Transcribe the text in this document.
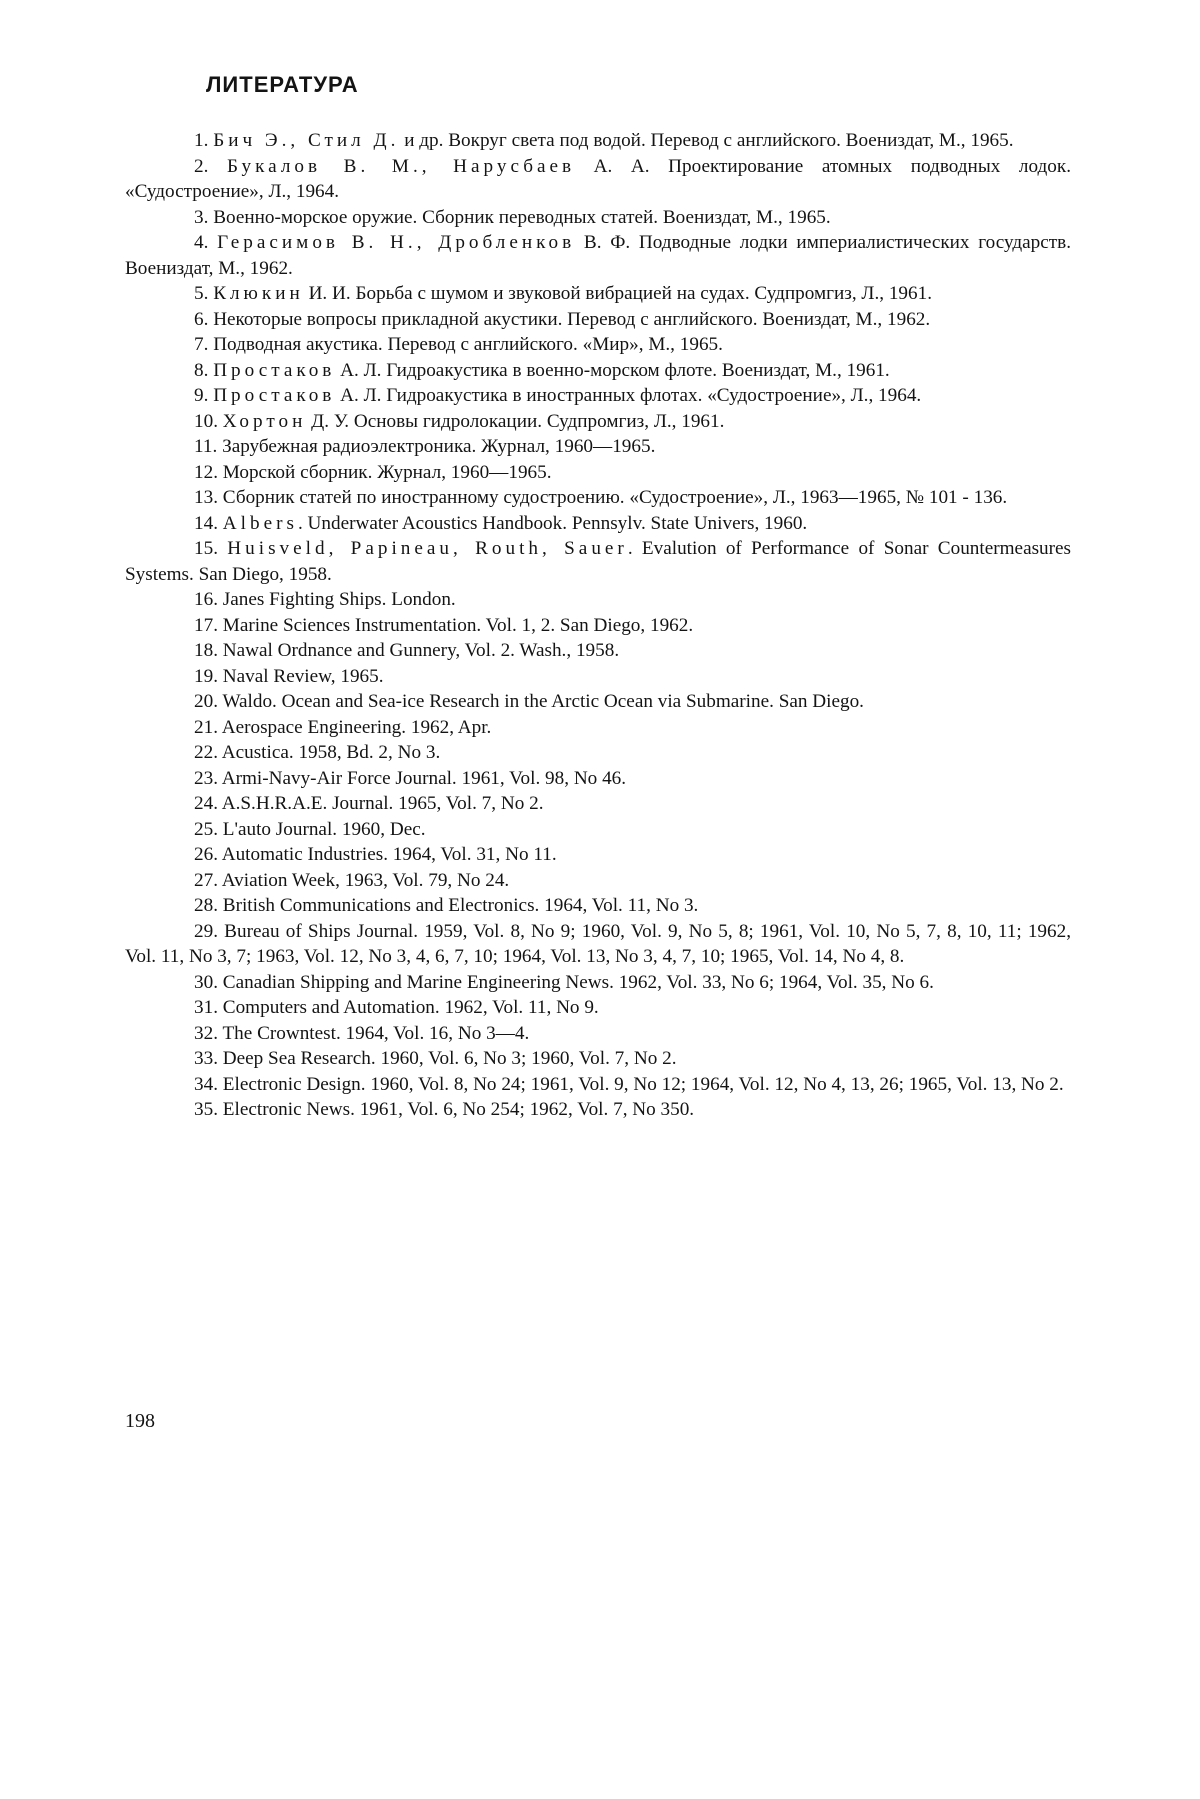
ЛИТЕРАТУРА
1. Бич Э., Стил Д. и др. Вокруг света под водой. Перевод с английского. Воениздат, М., 1965.
2. Букалов В. М., Нарусбаев А. А. Проектирование атомных подводных лодок. «Судостроение», Л., 1964.
3. Военно-морское оружие. Сборник переводных статей. Воениздат, М., 1965.
4. Герасимов В. Н., Дробленков В. Ф. Подводные лодки империалистических государств. Воениздат, М., 1962.
5. Клюкин И. И. Борьба с шумом и звуковой вибрацией на судах. Судпромгиз, Л., 1961.
6. Некоторые вопросы прикладной акустики. Перевод с английского. Воениздат, М., 1962.
7. Подводная акустика. Перевод с английского. «Мир», М., 1965.
8. Простаков А. Л. Гидроакустика в военно-морском флоте. Воениздат, М., 1961.
9. Простаков А. Л. Гидроакустика в иностранных флотах. «Судостроение», Л., 1964.
10. Хортон Д. У. Основы гидролокации. Судпромгиз, Л., 1961.
11. Зарубежная радиоэлектроника. Журнал, 1960—1965.
12. Морской сборник. Журнал, 1960—1965.
13. Сборник статей по иностранному судостроению. «Судостроение», Л., 1963—1965, № 101 - 136.
14. Albers. Underwater Acoustics Handbook. Pennsylv. State Univers, 1960.
15. Huisveld, Papineau, Routh, Sauer. Evalution of Performance of Sonar Countermeasures Systems. San Diego, 1958.
16. Janes Fighting Ships. London.
17. Marine Sciences Instrumentation. Vol. 1, 2. San Diego, 1962.
18. Nawal Ordnance and Gunnery, Vol. 2. Wash., 1958.
19. Naval Review, 1965.
20. Waldo. Ocean and Sea-ice Research in the Arctic Ocean via Submarine. San Diego.
21. Aerospace Engineering. 1962, Apr.
22. Acustica. 1958, Bd. 2, No 3.
23. Armi-Navy-Air Force Journal. 1961, Vol. 98, No 46.
24. A.S.H.R.A.E. Journal. 1965, Vol. 7, No 2.
25. L'auto Journal. 1960, Dec.
26. Automatic Industries. 1964, Vol. 31, No 11.
27. Aviation Week, 1963, Vol. 79, No 24.
28. British Communications and Electronics. 1964, Vol. 11, No 3.
29. Bureau of Ships Journal. 1959, Vol. 8, No 9; 1960, Vol. 9, No 5, 8; 1961, Vol. 10, No 5, 7, 8, 10, 11; 1962, Vol. 11, No 3, 7; 1963, Vol. 12, No 3, 4, 6, 7, 10; 1964, Vol. 13, No 3, 4, 7, 10; 1965, Vol. 14, No 4, 8.
30. Canadian Shipping and Marine Engineering News. 1962, Vol. 33, No 6; 1964, Vol. 35, No 6.
31. Computers and Automation. 1962, Vol. 11, No 9.
32. The Crowntest. 1964, Vol. 16, No 3—4.
33. Deep Sea Research. 1960, Vol. 6, No 3; 1960, Vol. 7, No 2.
34. Electronic Design. 1960, Vol. 8, No 24; 1961, Vol. 9, No 12; 1964, Vol. 12, No 4, 13, 26; 1965, Vol. 13, No 2.
35. Electronic News. 1961, Vol. 6, No 254; 1962, Vol. 7, No 350.
198
